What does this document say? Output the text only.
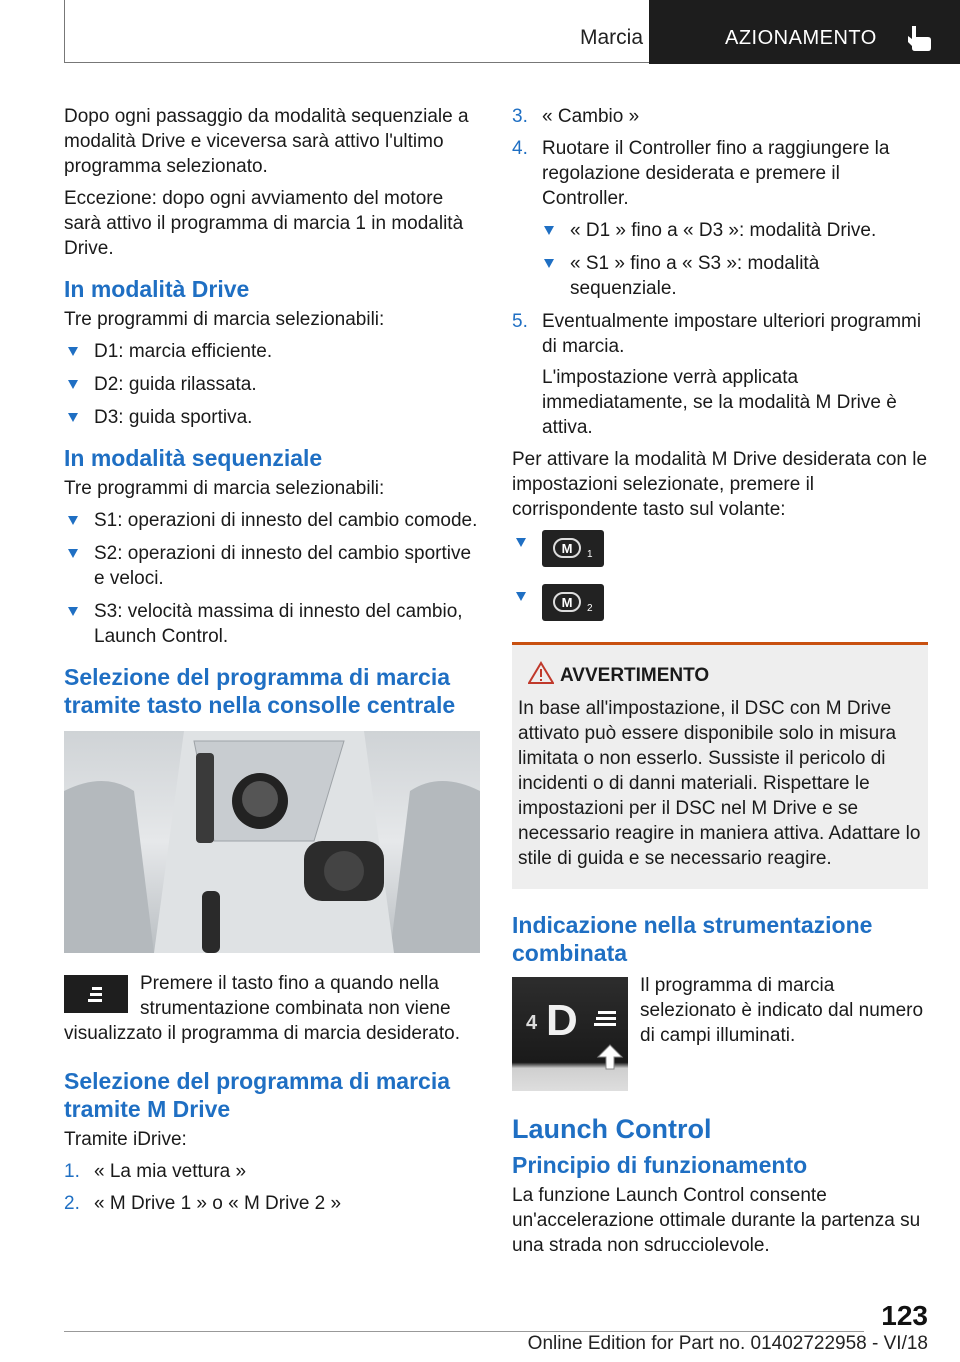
Marcia	AZIONAMENTO

Dopo ogni passaggio da modalità sequenziale a modalità Drive e viceversa sarà attivo l'ultimo programma selezionato.

Eccezione: dopo ogni avviamento del motore sarà attivo il programma di marcia 1 in modalità Drive.

In modalità Drive

Tre programmi di marcia selezionabili:

D1: marcia efficiente.
D2: guida rilassata.
D3: guida sportiva.
In modalità sequenziale

Tre programmi di marcia selezionabili:

S1: operazioni di innesto del cambio comode.
S2: operazioni di innesto del cambio sportive e veloci.
S3: velocità massima di innesto del cambio, Launch Control.
Selezione del programma di marcia tramite tasto nella consolle centrale

Premere il tasto fino a quando nella strumentazione combinata non viene visualizzato il programma di marcia desiderato.

Selezione del programma di marcia tramite M Drive

Tramite iDrive:

1. « La mia vettura »
2. « M Drive 1 » o « M Drive 2 »
3. « Cambio »
4. Ruotare il Controller fino a raggiungere la regolazione desiderata e premere il Controller.
« D1 » fino a « D3 »: modalità Drive.
« S1 » fino a « S3 »: modalità sequenziale.
5. Eventualmente impostare ulteriori programmi di marcia.

L'impostazione verrà applicata immediatamente, se la modalità M Drive è attiva.

Per attivare la modalità M Drive desiderata con le impostazioni selezionate, premere il corrispondente tasto sul volante:

M 1
M 2
AVVERTIMENTO

In base all'impostazione, il DSC con M Drive attivato può essere disponibile solo in misura limitata o non esserlo. Sussiste il pericolo di incidenti o di danni materiali. Rispettare le impostazioni per il DSC nel M Drive e se necessario reagire in maniera attiva. Adattare lo stile di guida e se necessario reagire.

Indicazione nella strumentazione combinata
4 D

Il programma di marcia selezionato è indicato dal numero di campi illuminati.

Launch Control
Principio di funzionamento

La funzione Launch Control consente un'accelerazione ottimale durante la partenza su una strada non sdrucciolevole.

123
Online Edition for Part no. 01402722958 - VI/18
